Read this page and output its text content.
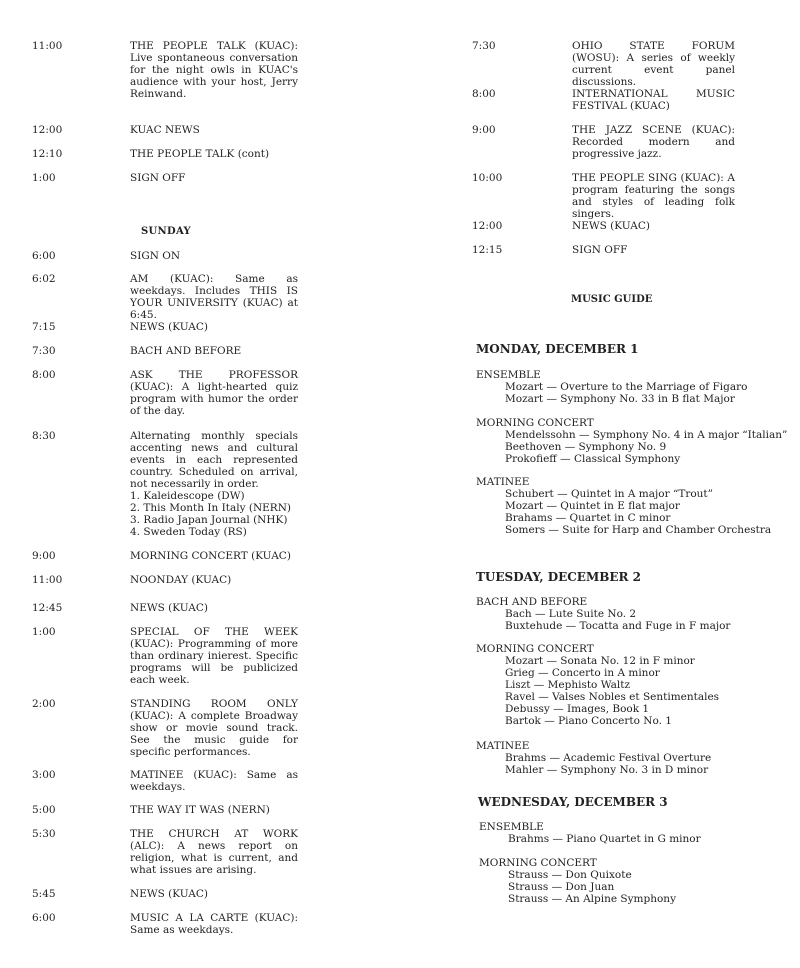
11:00	THE PEOPLE TALK (KUAC): Live spontaneous conversation for the night owls in KUAC's audience with your host, Jerry Reinwand.
12:00	KUAC NEWS
12:10	THE PEOPLE TALK (cont)
1:00	SIGN OFF
SUNDAY
6:00	SIGN ON
6:02	AM (KUAC): Same as weekdays. Includes THIS IS YOUR UNIVERSITY (KUAC) at 6:45.
7:15	NEWS (KUAC)
7:30	BACH AND BEFORE
8:00	ASK THE PROFESSOR (KUAC): A light-hearted quiz program with humor the order of the day.
8:30	Alternating monthly specials accenting news and cultural events in each represented country. Scheduled on arrival, not necessarily in order.
1. Kaleidescope (DW)
2. This Month In Italy (NERN)
3. Radio Japan Journal (NHK)
4. Sweden Today (RS)
9:00	MORNING CONCERT (KUAC)
11:00	NOONDAY (KUAC)
12:45	NEWS (KUAC)
1:00	SPECIAL OF THE WEEK (KUAC): Programming of more than ordinary inierest. Specific programs will be publicized each week.
2:00	STANDING ROOM ONLY (KUAC): A complete Broadway show or movie sound track. See the music guide for specific performances.
3:00	MATINEE (KUAC): Same as weekdays.
5:00	THE WAY IT WAS (NERN)
5:30	THE CHURCH AT WORK (ALC): A news report on religion, what is current, and what issues are arising.
5:45	NEWS (KUAC)
6:00	MUSIC A LA CARTE (KUAC): Same as weekdays.
7:30	OHIO STATE FORUM (WOSU): A series of weekly current event panel discussions.
8:00	INTERNATIONAL MUSIC FESTIVAL (KUAC)
9:00	THE JAZZ SCENE (KUAC): Recorded modern and progressive jazz.
10:00	THE PEOPLE SING (KUAC): A program featuring the songs and styles of leading folk singers.
12:00	NEWS (KUAC)
12:15	SIGN OFF
MUSIC GUIDE
MONDAY, DECEMBER 1
ENSEMBLE
Mozart — Overture to the Marriage of Figaro
Mozart — Symphony No. 33 in B flat Major
MORNING CONCERT
Mendelssohn — Symphony No. 4 in A major “Italian”
Beethoven — Symphony No. 9
Prokofieff — Classical Symphony
MATINEE
Schubert — Quintet in A major “Trout”
Mozart — Quintet in E flat major
Brahams — Quartet in C minor
Somers — Suite for Harp and Chamber Orchestra
TUESDAY, DECEMBER 2
BACH AND BEFORE
Bach — Lute Suite No. 2
Buxtehude — Tocatta and Fuge in F major
MORNING CONCERT
Mozart — Sonata No. 12 in F minor
Grieg — Concerto in A minor
Liszt — Mephisto Waltz
Ravel — Valses Nobles et Sentimentales
Debussy — Images, Book 1
Bartok — Piano Concerto No. 1
MATINEE
Brahms — Academic Festival Overture
Mahler — Symphony No. 3 in D minor
WEDNESDAY, DECEMBER 3
ENSEMBLE
Brahms — Piano Quartet in G minor
MORNING CONCERT
Strauss — Don Quixote
Strauss — Don Juan
Strauss — An Alpine Symphony
